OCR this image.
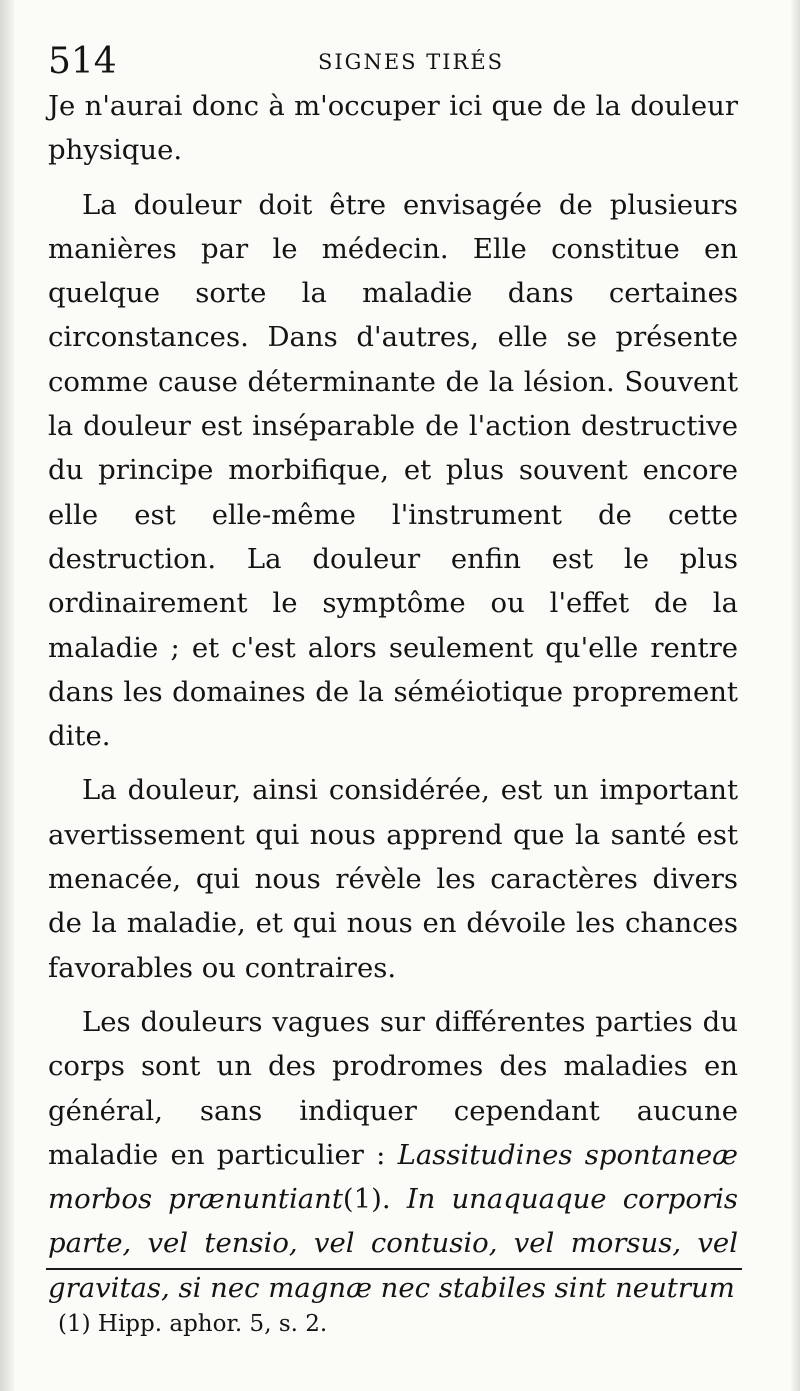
514	SIGNES TIRÉS

Je n'aurai donc à m'occuper ici que de la douleur physique.

La douleur doit être envisagée de plusieurs manières par le médecin. Elle constitue en quelque sorte la maladie dans certaines circonstances. Dans d'autres, elle se présente comme cause déterminante de la lésion. Souvent la douleur est inséparable de l'action destructive du principe morbifique, et plus souvent encore elle est elle-même l'instrument de cette destruction. La douleur enfin est le plus ordinairement le symptôme ou l'effet de la maladie ; et c'est alors seulement qu'elle rentre dans les domaines de la séméiotique proprement dite.

La douleur, ainsi considérée, est un important avertissement qui nous apprend que la santé est menacée, qui nous révèle les caractères divers de la maladie, et qui nous en dévoile les chances favorables ou contraires.

Les douleurs vagues sur différentes parties du corps sont un des prodromes des maladies en général, sans indiquer cependant aucune maladie en particulier : Lassitudines spontaneæ morbos prænuntiant(1). In unaquaque corporis parte, vel tensio, vel contusio, vel morsus, vel gravitas, si nec magnæ nec stabiles sint neutrum

(1) Hipp. aphor. 5, s. 2.
